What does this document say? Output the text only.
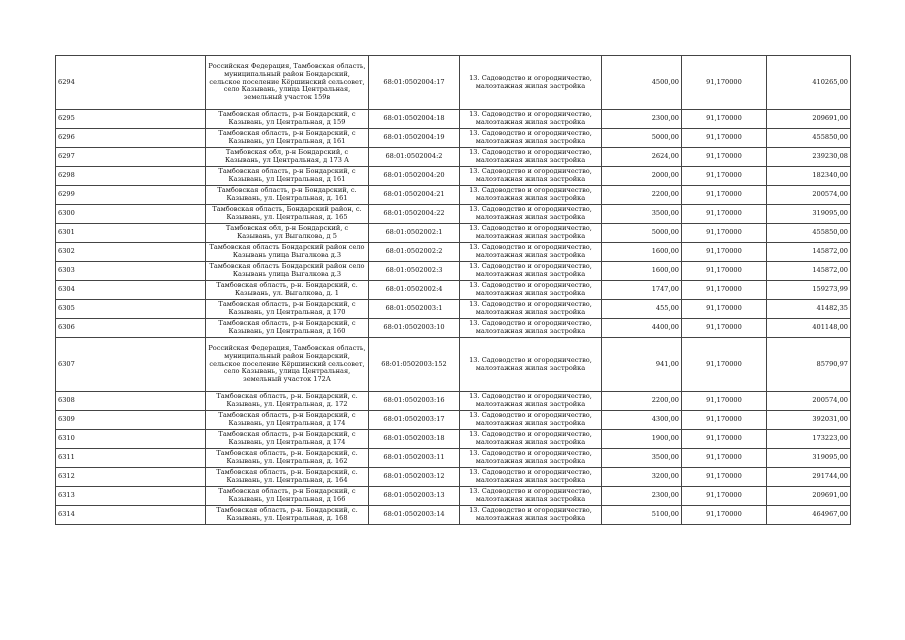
6294	Российская Федерация, Тамбовская область, муниципальный район Бондарский, сельское поселение Кёршинский сельсовет, село Казывань, улица Центральная, земельный участок 159в	68:01:0502004:17	13. Садоводство и огородничество, малоэтажная жилая застройка	4500,00	91,170000	410265,00
6295	Тамбовская область, р-н Бондарский, с Казывань, ул Центральная, д 159	68:01:0502004:18	13. Садоводство и огородничество, малоэтажная жилая застройка	2300,00	91,170000	209691,00
6296	Тамбовская область, р-н Бондарский, с Казывань, ул Центральная, д 161	68:01:0502004:19	13. Садоводство и огородничество, малоэтажная жилая застройка	5000,00	91,170000	455850,00
6297	Тамбовская обл, р-н Бондарский, с Казывань, ул Центральная, д 173 А	68:01:0502004:2	13. Садоводство и огородничество, малоэтажная жилая застройка	2624,00	91,170000	239230,08
6298	Тамбовская область, р-н Бондарский, с Казывань, ул Центральная, д 161	68:01:0502004:20	13. Садоводство и огородничество, малоэтажная жилая застройка	2000,00	91,170000	182340,00
6299	Тамбовская область, р-н Бондарский, с. Казывань, ул. Центральная, д. 161	68:01:0502004:21	13. Садоводство и огородничество, малоэтажная жилая застройка	2200,00	91,170000	200574,00
6300	Тамбовская область, Бондарский район, с. Казывань, ул. Центральная, д. 165	68:01:0502004:22	13. Садоводство и огородничество, малоэтажная жилая застройка	3500,00	91,170000	319095,00
6301	Тамбовская обл, р-н Бондарский, с Казывань, ул Выгалкова, д 5	68:01:0502002:1	13. Садоводство и огородничество, малоэтажная жилая застройка	5000,00	91,170000	455850,00
6302	Тамбовская область Бондарский район село Казывань улица Выгалкова д.3	68:01:0502002:2	13. Садоводство и огородничество, малоэтажная жилая застройка	1600,00	91,170000	145872,00
6303	Тамбовская область Бондарский район село Казывань улица Выгалкова д.3	68:01:0502002:3	13. Садоводство и огородничество, малоэтажная жилая застройка	1600,00	91,170000	145872,00
6304	Тамбовская область, р-н. Бондарский, с. Казывань, ул. Выгалкова, д. 1	68:01:0502002:4	13. Садоводство и огородничество, малоэтажная жилая застройка	1747,00	91,170000	159273,99
6305	Тамбовская область, р-н Бондарский, с Казывань, ул Центральная, д 170	68:01:0502003:1	13. Садоводство и огородничество, малоэтажная жилая застройка	455,00	91,170000	41482,35
6306	Тамбовская область, р-н Бондарский, с Казывань, ул Центральная, д 160	68:01:0502003:10	13. Садоводство и огородничество, малоэтажная жилая застройка	4400,00	91,170000	401148,00
6307	Российская Федерация, Тамбовская область, муниципальный район Бондарский, сельское поселение Кёршинский сельсовет, село Казывань, улица Центральная, земельный участок 172А	68:01:0502003:152	13. Садоводство и огородничество, малоэтажная жилая застройка	941,00	91,170000	85790,97
6308	Тамбовская область, р-н. Бондарский, с. Казывань, ул. Центральная, д. 172	68:01:0502003:16	13. Садоводство и огородничество, малоэтажная жилая застройка	2200,00	91,170000	200574,00
6309	Тамбовская область, р-н Бондарский, с Казывань, ул Центральная, д 174	68:01:0502003:17	13. Садоводство и огородничество, малоэтажная жилая застройка	4300,00	91,170000	392031,00
6310	Тамбовская область, р-н Бондарский, с Казывань, ул Центральная, д 174	68:01:0502003:18	13. Садоводство и огородничество, малоэтажная жилая застройка	1900,00	91,170000	173223,00
6311	Тамбовская область, р-н. Бондарский, с. Казывань, ул. Центральная, д. 162	68:01:0502003:11	13. Садоводство и огородничество, малоэтажная жилая застройка	3500,00	91,170000	319095,00
6312	Тамбовская область, р-н. Бондарский, с. Казывань, ул. Центральная, д. 164	68:01:0502003:12	13. Садоводство и огородничество, малоэтажная жилая застройка	3200,00	91,170000	291744,00
6313	Тамбовская область, р-н Бондарский, с Казывань, ул Центральная, д 166	68:01:0502003:13	13. Садоводство и огородничество, малоэтажная жилая застройка	2300,00	91,170000	209691,00
6314	Тамбовская область, р-н. Бондарский, с. Казывань, ул. Центральная, д. 168	68:01:0502003:14	13. Садоводство и огородничество, малоэтажная жилая застройка	5100,00	91,170000	464967,00
